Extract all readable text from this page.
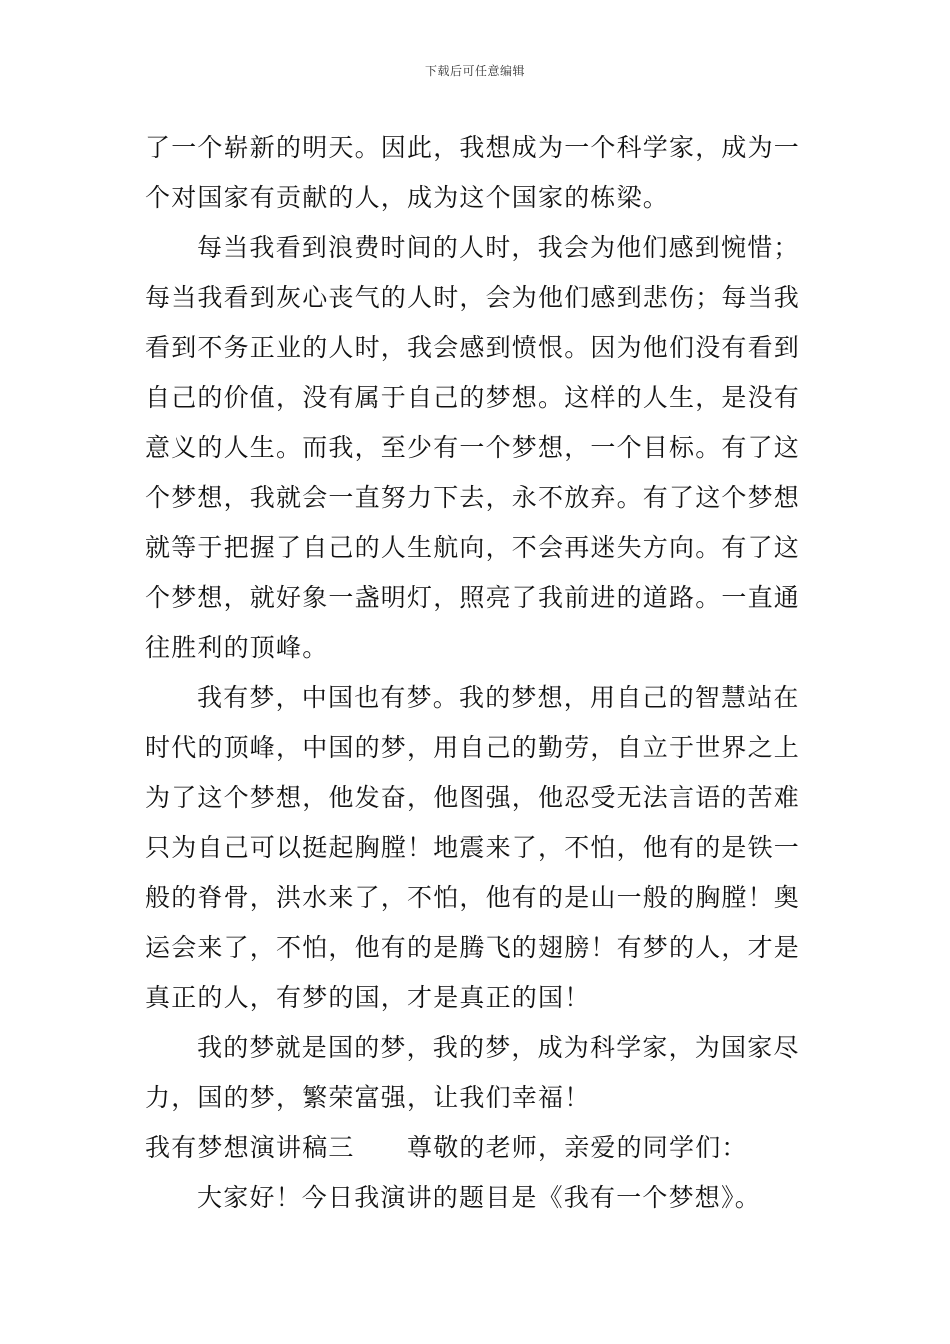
下载后可任意编辑
了一个崭新的明天。因此，我想成为一个科学家，成为一
个对国家有贡献的人，成为这个国家的栋梁。
每当我看到浪费时间的人时，我会为他们感到惋惜；
每当我看到灰心丧气的人时，会为他们感到悲伤；每当我
看到不务正业的人时，我会感到愤恨。因为他们没有看到
自己的价值，没有属于自己的梦想。这样的人生，是没有
意义的人生。而我，至少有一个梦想，一个目标。有了这
个梦想，我就会一直努力下去，永不放弃。有了这个梦想
就等于把握了自己的人生航向，不会再迷失方向。有了这
个梦想，就好象一盏明灯，照亮了我前进的道路。一直通
往胜利的顶峰。
我有梦，中国也有梦。我的梦想，用自己的智慧站在
时代的顶峰，中国的梦，用自己的勤劳，自立于世界之上
为了这个梦想，他发奋，他图强，他忍受无法言语的苦难
只为自己可以挺起胸膛！地震来了，不怕，他有的是铁一
般的脊骨，洪水来了，不怕，他有的是山一般的胸膛！奥
运会来了，不怕，他有的是腾飞的翅膀！有梦的人，才是
真正的人，有梦的国，才是真正的国！
我的梦就是国的梦，我的梦，成为科学家，为国家尽
力，国的梦，繁荣富强，让我们幸福！
我有梦想演讲稿三　　尊敬的老师，亲爱的同学们：
大家好！今日我演讲的题目是《我有一个梦想》。
